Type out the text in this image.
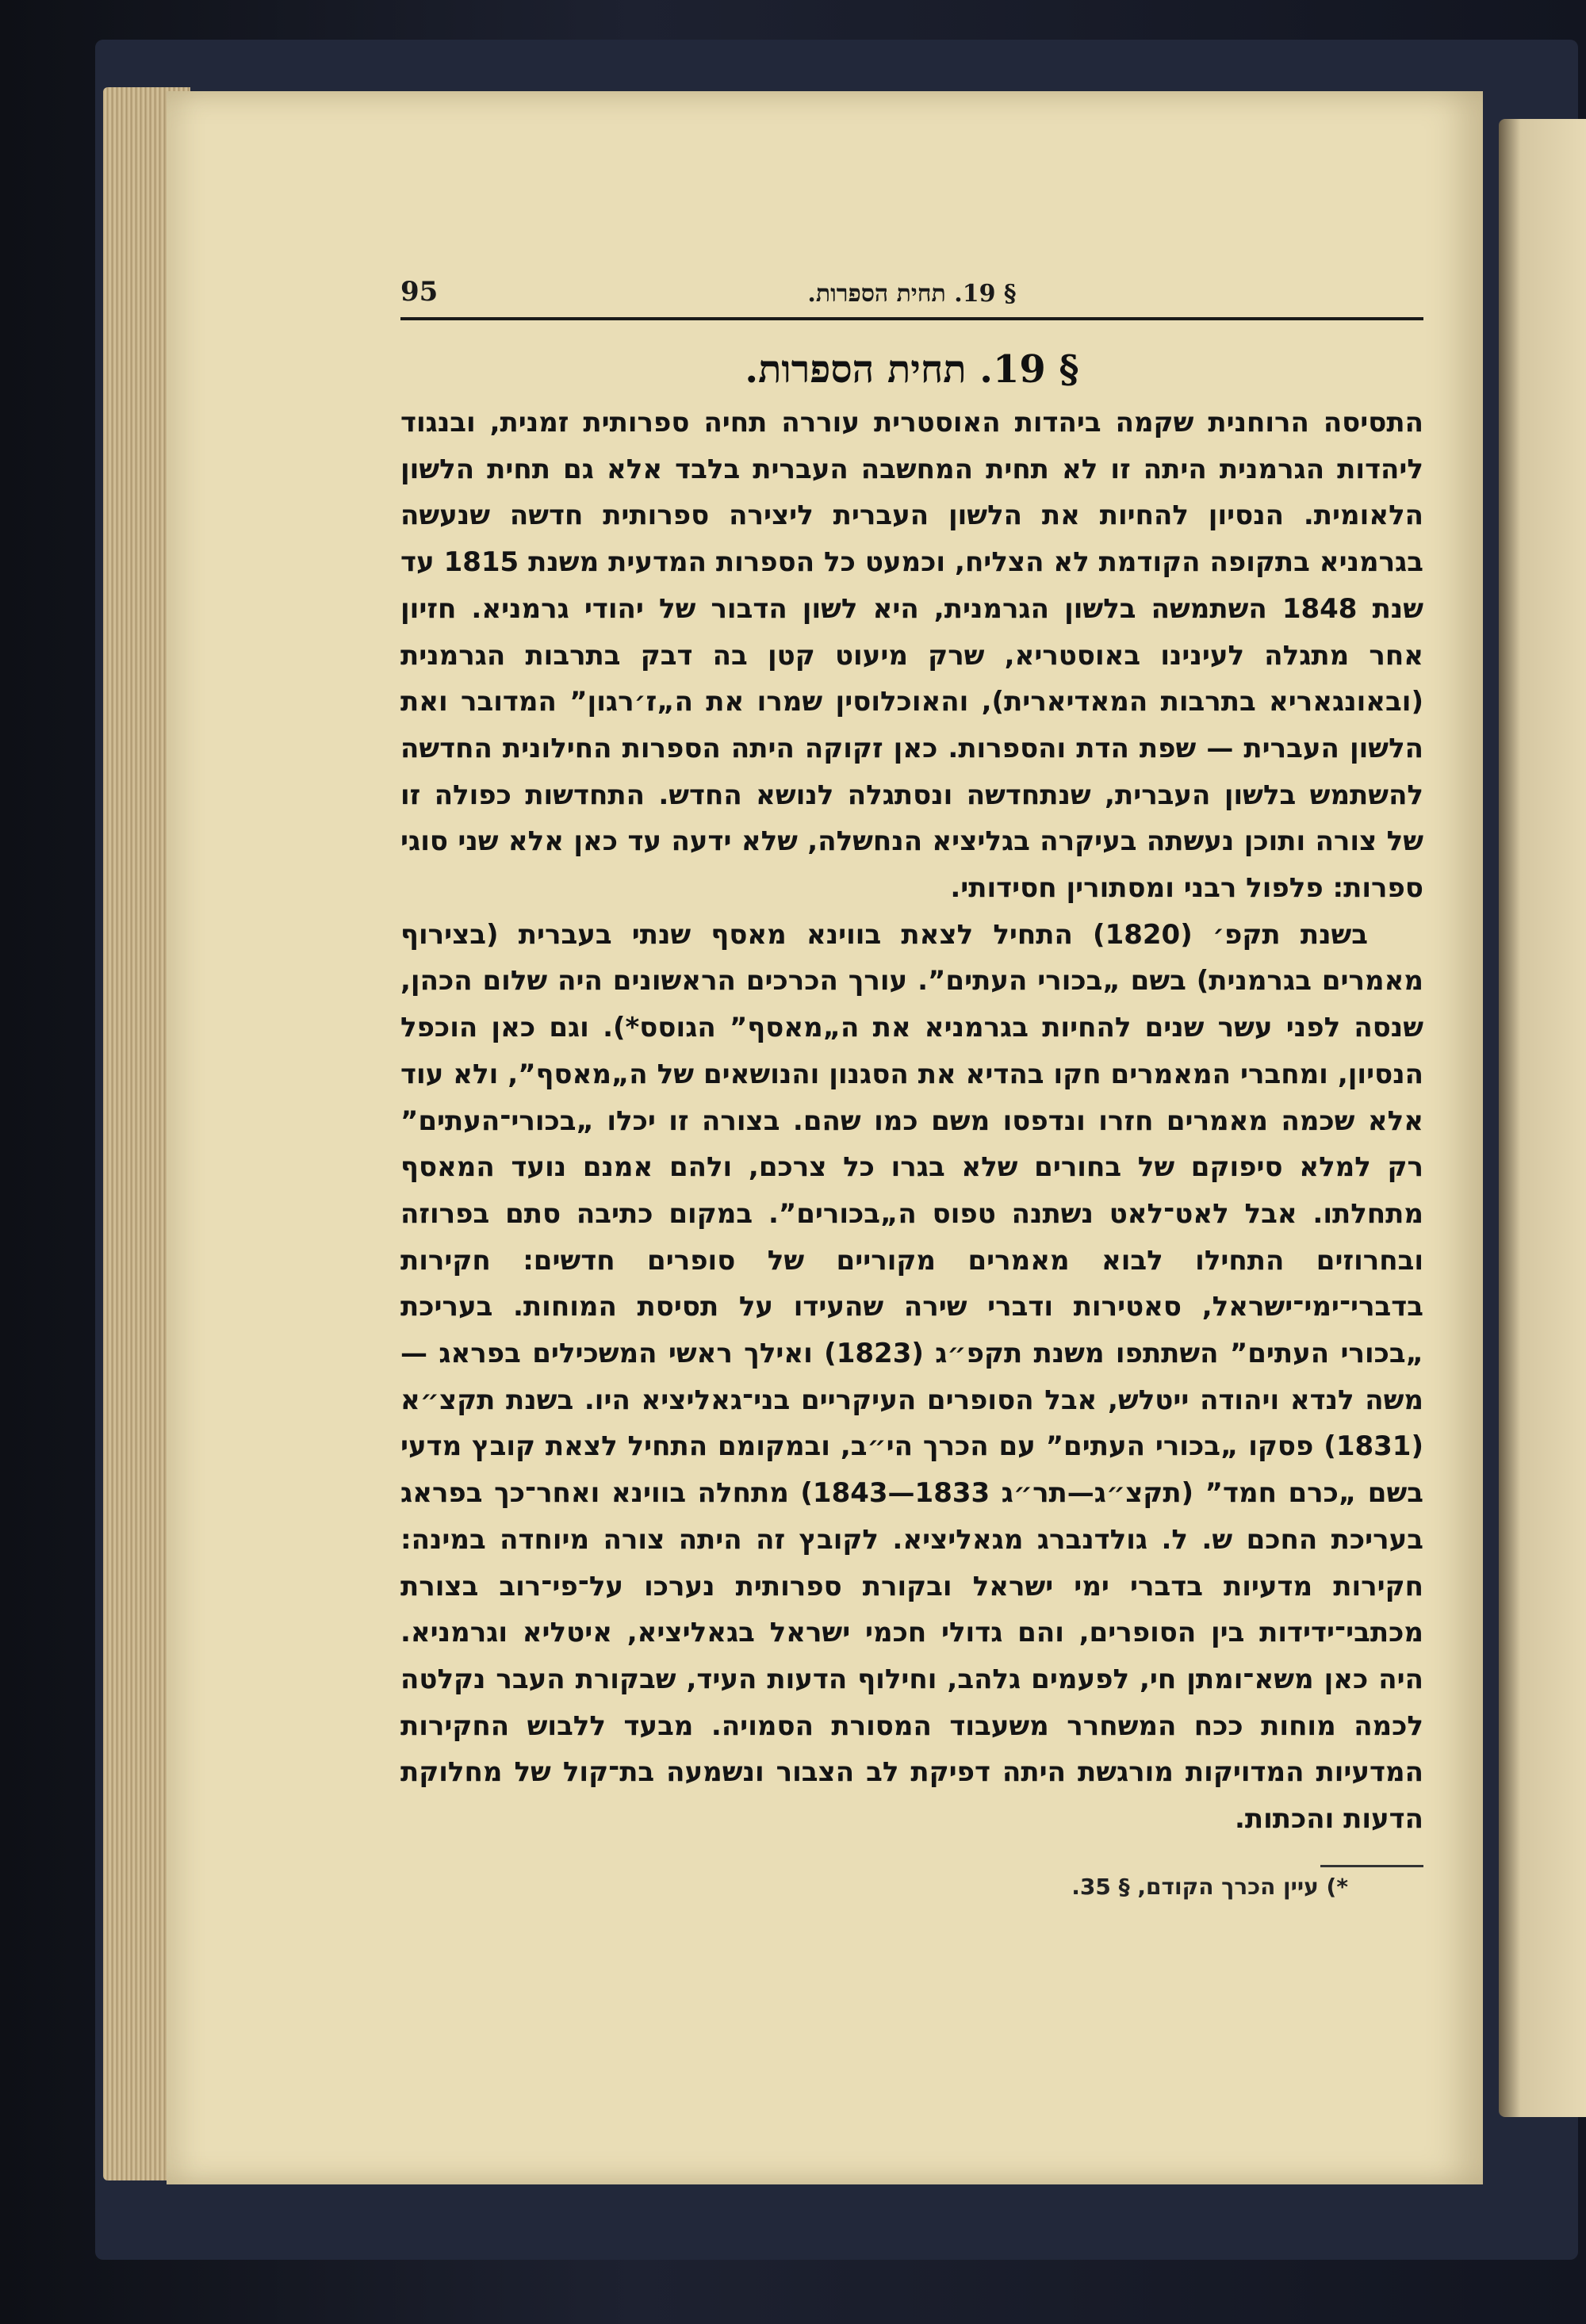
95	§ 19. תחית הספרות.
§ 19. תחית הספרות.

התסיסה הרוחנית שקמה ביהדות האוסטרית עוררה תחיה ספרותית זמנית, ובנגוד ליהדות הגרמנית היתה זו לא תחית המחשבה העברית בלבד אלא גם תחית הלשון הלאומית. הנסיון להחיות את הלשון העברית ליצירה ספרותית חדשה שנעשה בגרמניא בתקופה הקודמת לא הצליח, וכמעט כל הספרות המדעית משנת 1815 עד שנת 1848 השתמשה בלשון הגרמנית, היא לשון הדבור של יהודי גרמניא. חזיון אחר מתגלה לעינינו באוסטריא, שרק מיעוט קטן בה דבק בתרבות הגרמנית (ובאונגאריא בתרבות המאדיארית), והאוכלוסין שמרו את ה„ז׳רגון” המדובר ואת הלשון העברית — שפת הדת והספרות. כאן זקוקה היתה הספרות החילונית החדשה להשתמש בלשון העברית, שנתחדשה ונסתגלה לנושא החדש. התחדשות כפולה זו של צורה ותוכן נעשתה בעיקרה בגליציא הנחשלה, שלא ידעה עד כאן אלא שני סוגי ספרות: פלפול רבני ומסתורין חסידותי.

בשנת תקפ׳ (1820) התחיל לצאת בווינא מאסף שנתי בעברית (בצירוף מאמרים בגרמנית) בשם „בכורי העתים”. עורך הכרכים הראשונים היה שלום הכהן, שנסה לפני עשר שנים להחיות בגרמניא את ה„מאסף” הגוסס*). וגם כאן הוכפל הנסיון, ומחברי המאמרים חקו בהדיא את הסגנון והנושאים של ה„מאסף”, ולא עוד אלא שכמה מאמרים חזרו ונדפסו משם כמו שהם. בצורה זו יכלו „בכורי־העתים” רק למלא סיפוקם של בחורים שלא בגרו כל צרכם, ולהם אמנם נועד המאסף מתחלתו. אבל לאט־לאט נשתנה טפוס ה„בכורים”. במקום כתיבה סתם בפרוזה ובחרוזים התחילו לבוא מאמרים מקוריים של סופרים חדשים: חקירות בדברי־ימי־ישראל, סאטירות ודברי שירה שהעידו על תסיסת המוחות. בעריכת „בכורי העתים” השתתפו משנת תקפ״ג (1823) ואילך ראשי המשכילים בפראג — משה לנדא ויהודה ייטלש, אבל הסופרים העיקריים בני־גאליציא היו. בשנת תקצ״א (1831) פסקו „בכורי העתים” עם הכרך הי״ב, ובמקומם התחיל לצאת קובץ מדעי בשם „כרם חמד” (תקצ״ג—תר״ג 1833—1843) מתחלה בווינא ואחר־כך בפראג בעריכת החכם ש. ל. גולדנברג מגאליציא. לקובץ זה היתה צורה מיוחדה במינה: חקירות מדעיות בדברי ימי ישראל ובקורת ספרותית נערכו על־פי־רוב בצורת מכתבי־ידידות בין הסופרים, והם גדולי חכמי ישראל בגאליציא, איטליא וגרמניא. היה כאן משא־ומתן חי, לפעמים גלהב, וחילוף הדעות העיד, שבקורת העבר נקלטה לכמה מוחות ככח המשחרר משעבוד המסורת הסמויה. מבעד ללבוש החקירות המדעיות המדויקות מורגשת היתה דפיקת לב הצבור ונשמעה בת־קול של מחלוקת הדעות והכתות.

*) עיין הכרך הקודם, § 35.
